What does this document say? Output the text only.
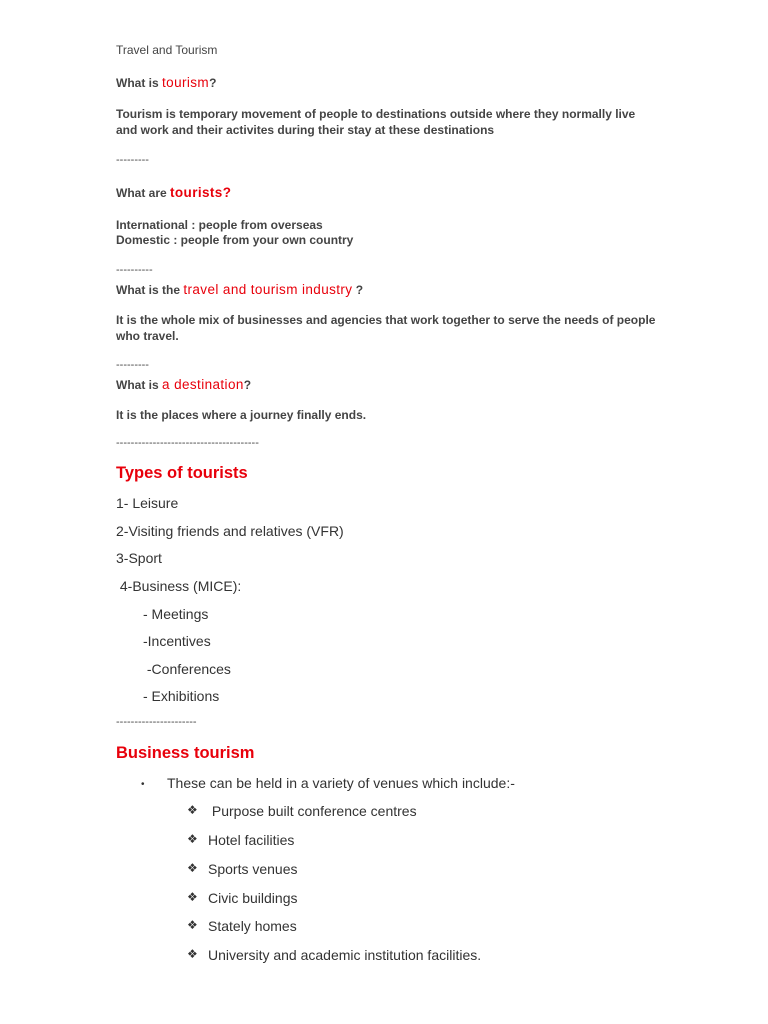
Travel and Tourism
What is tourism?
Tourism is temporary movement of people to destinations outside where they normally live and work and their activites during their stay at these destinations
---------
What are tourists?
International : people from overseas
Domestic : people from your own country
----------
What is the travel and tourism industry ?
It is the whole mix of businesses and agencies that work together to serve the needs of people who travel.
---------
What is a destination?
It is the places where a journey finally ends.
---------------------------------------
Types of tourists
1- Leisure
2-Visiting friends and relatives (VFR)
3-Sport
4-Business (MICE):
- Meetings
-Incentives
-Conferences
- Exhibitions
----------------------
Business tourism
• These can be held in a variety of venues which include:-
❖ Purpose built conference centres
❖ Hotel facilities
❖ Sports venues
❖ Civic buildings
❖ Stately homes
❖ University and academic institution facilities.
